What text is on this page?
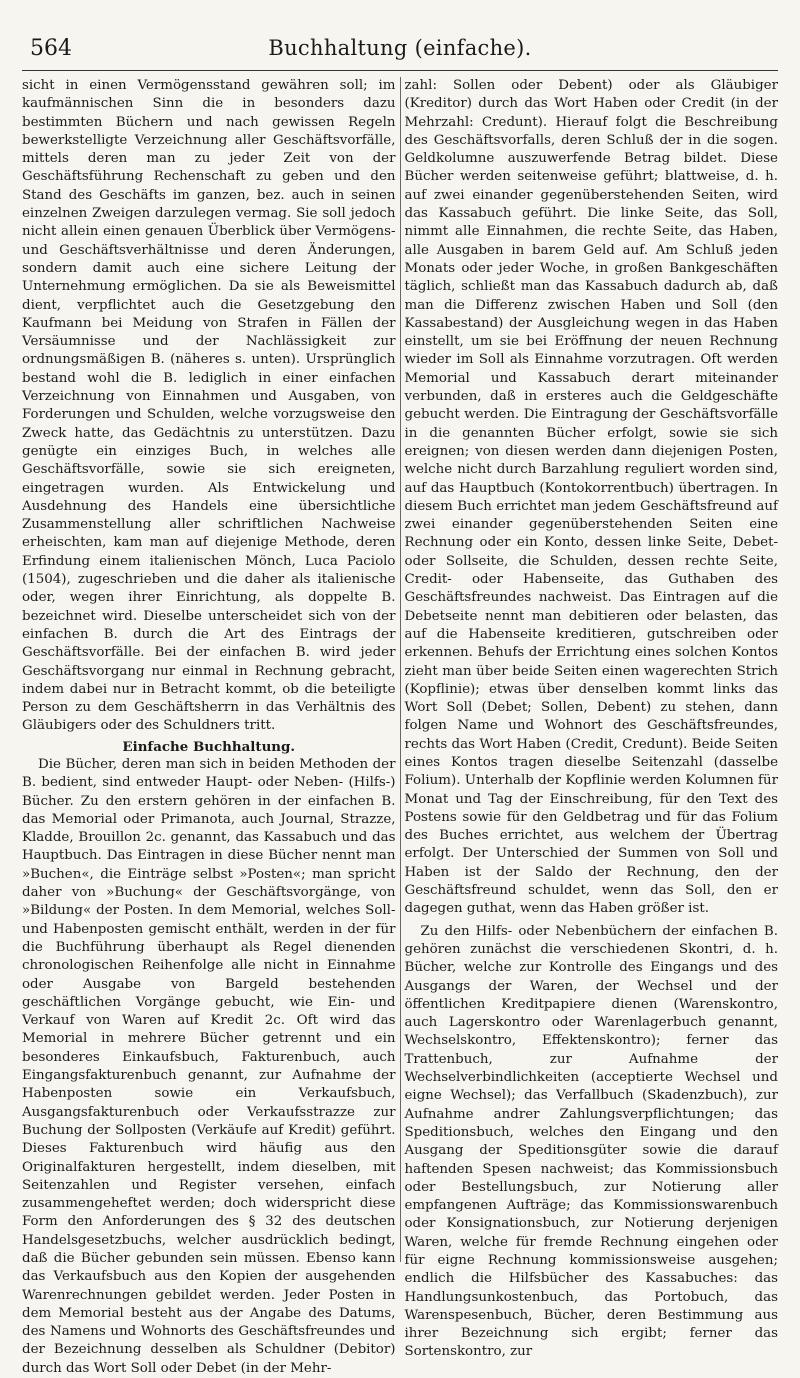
564	Buchhaltung (einfache).

sicht in einen Vermögensstand gewähren soll; im kaufmännischen Sinn die in besonders dazu bestimmten Büchern und nach gewissen Regeln bewerkstelligte Verzeichnung aller Geschäftsvorfälle, mittels deren man zu jeder Zeit von der Geschäftsführung Rechenschaft zu geben und den Stand des Geschäfts im ganzen, bez. auch in seinen einzelnen Zweigen darzulegen vermag. Sie soll jedoch nicht allein einen genauen Überblick über Vermögens- und Geschäftsverhältnisse und deren Änderungen, sondern damit auch eine sichere Leitung der Unternehmung ermöglichen. Da sie als Beweismittel dient, verpflichtet auch die Gesetzgebung den Kaufmann bei Meidung von Strafen in Fällen der Versäumnisse und der Nachlässigkeit zur ordnungsmäßigen B. (näheres s. unten). Ursprünglich bestand wohl die B. lediglich in einer einfachen Verzeichnung von Einnahmen und Ausgaben, von Forderungen und Schulden, welche vorzugsweise den Zweck hatte, das Gedächtnis zu unterstützen. Dazu genügte ein einziges Buch, in welches alle Geschäftsvorfälle, sowie sie sich ereigneten, eingetragen wurden. Als Entwickelung und Ausdehnung des Handels eine übersichtliche Zusammenstellung aller schriftlichen Nachweise erheischten, kam man auf diejenige Methode, deren Erfindung einem italienischen Mönch, Luca Paciolo (1504), zugeschrieben und die daher als italienische oder, wegen ihrer Einrichtung, als doppelte B. bezeichnet wird. Dieselbe unterscheidet sich von der einfachen B. durch die Art des Eintrags der Geschäftsvorfälle. Bei der einfachen B. wird jeder Geschäftsvorgang nur einmal in Rechnung gebracht, indem dabei nur in Betracht kommt, ob die beteiligte Person zu dem Geschäftsherrn in das Verhältnis des Gläubigers oder des Schuldners tritt.

Einfache Buchhaltung.

Die Bücher, deren man sich in beiden Methoden der B. bedient, sind entweder Haupt- oder Neben- (Hilfs-) Bücher. Zu den erstern gehören in der einfachen B. das Memorial oder Primanota, auch Journal, Strazze, Kladde, Brouillon 2c. genannt, das Kassabuch und das Hauptbuch. Das Eintragen in diese Bücher nennt man »Buchen«, die Einträge selbst »Posten«; man spricht daher von »Buchung« der Geschäftsvorgänge, von »Bildung« der Posten. In dem Memorial, welches Soll- und Habenposten gemischt enthält, werden in der für die Buchführung überhaupt als Regel dienenden chronologischen Reihenfolge alle nicht in Einnahme oder Ausgabe von Bargeld bestehenden geschäftlichen Vorgänge gebucht, wie Ein- und Verkauf von Waren auf Kredit 2c. Oft wird das Memorial in mehrere Bücher getrennt und ein besonderes Einkaufsbuch, Fakturenbuch, auch Eingangsfakturenbuch genannt, zur Aufnahme der Habenposten sowie ein Verkaufsbuch, Ausgangsfakturenbuch oder Verkaufsstrazze zur Buchung der Sollposten (Verkäufe auf Kredit) geführt. Dieses Fakturenbuch wird häufig aus den Originalfakturen hergestellt, indem dieselben, mit Seitenzahlen und Register versehen, einfach zusammengeheftet werden; doch widerspricht diese Form den Anforderungen des § 32 des deutschen Handelsgesetzbuchs, welcher ausdrücklich bedingt, daß die Bücher gebunden sein müssen. Ebenso kann das Verkaufsbuch aus den Kopien der ausgehenden Warenrechnungen gebildet werden. Jeder Posten in dem Memorial besteht aus der Angabe des Datums, des Namens und Wohnorts des Geschäftsfreundes und der Bezeichnung desselben als Schuldner (Debitor) durch das Wort Soll oder Debet (in der Mehr-

zahl: Sollen oder Debent) oder als Gläubiger (Kreditor) durch das Wort Haben oder Credit (in der Mehrzahl: Credunt). Hierauf folgt die Beschreibung des Geschäftsvorfalls, deren Schluß der in die sogen. Geldkolumne auszuwerfende Betrag bildet. Diese Bücher werden seitenweise geführt; blattweise, d. h. auf zwei einander gegenüberstehenden Seiten, wird das Kassabuch geführt. Die linke Seite, das Soll, nimmt alle Einnahmen, die rechte Seite, das Haben, alle Ausgaben in barem Geld auf. Am Schluß jeden Monats oder jeder Woche, in großen Bankgeschäften täglich, schließt man das Kassabuch dadurch ab, daß man die Differenz zwischen Haben und Soll (den Kassabestand) der Ausgleichung wegen in das Haben einstellt, um sie bei Eröffnung der neuen Rechnung wieder im Soll als Einnahme vorzutragen. Oft werden Memorial und Kassabuch derart miteinander verbunden, daß in ersteres auch die Geldgeschäfte gebucht werden. Die Eintragung der Geschäftsvorfälle in die genannten Bücher erfolgt, sowie sie sich ereignen; von diesen werden dann diejenigen Posten, welche nicht durch Barzahlung reguliert worden sind, auf das Hauptbuch (Kontokorrentbuch) übertragen. In diesem Buch errichtet man jedem Geschäftsfreund auf zwei einander gegenüberstehenden Seiten eine Rechnung oder ein Konto, dessen linke Seite, Debet- oder Sollseite, die Schulden, dessen rechte Seite, Credit- oder Habenseite, das Guthaben des Geschäftsfreundes nachweist. Das Eintragen auf die Debetseite nennt man debitieren oder belasten, das auf die Habenseite kreditieren, gutschreiben oder erkennen. Behufs der Errichtung eines solchen Kontos zieht man über beide Seiten einen wagerechten Strich (Kopflinie); etwas über denselben kommt links das Wort Soll (Debet; Sollen, Debent) zu stehen, dann folgen Name und Wohnort des Geschäftsfreundes, rechts das Wort Haben (Credit, Credunt). Beide Seiten eines Kontos tragen dieselbe Seitenzahl (dasselbe Folium). Unterhalb der Kopflinie werden Kolumnen für Monat und Tag der Einschreibung, für den Text des Postens sowie für den Geldbetrag und für das Folium des Buches errichtet, aus welchem der Übertrag erfolgt. Der Unterschied der Summen von Soll und Haben ist der Saldo der Rechnung, den der Geschäftsfreund schuldet, wenn das Soll, den er dagegen guthat, wenn das Haben größer ist.

Zu den Hilfs- oder Nebenbüchern der einfachen B. gehören zunächst die verschiedenen Skontri, d. h. Bücher, welche zur Kontrolle des Eingangs und des Ausgangs der Waren, der Wechsel und der öffentlichen Kreditpapiere dienen (Warenskontro, auch Lagerskontro oder Warenlagerbuch genannt, Wechselskontro, Effektenskontro); ferner das Trattenbuch, zur Aufnahme der Wechselverbindlichkeiten (acceptierte Wechsel und eigne Wechsel); das Verfallbuch (Skadenzbuch), zur Aufnahme andrer Zahlungsverpflichtungen; das Speditionsbuch, welches den Eingang und den Ausgang der Speditionsgüter sowie die darauf haftenden Spesen nachweist; das Kommissionsbuch oder Bestellungsbuch, zur Notierung aller empfangenen Aufträge; das Kommissionswarenbuch oder Konsignationsbuch, zur Notierung derjenigen Waren, welche für fremde Rechnung eingehen oder für eigne Rechnung kommissionsweise ausgehen; endlich die Hilfsbücher des Kassabuches: das Handlungsunkostenbuch, das Portobuch, das Warenspesenbuch, Bücher, deren Bestimmung aus ihrer Bezeichnung sich ergibt; ferner das Sortenskontro, zur
